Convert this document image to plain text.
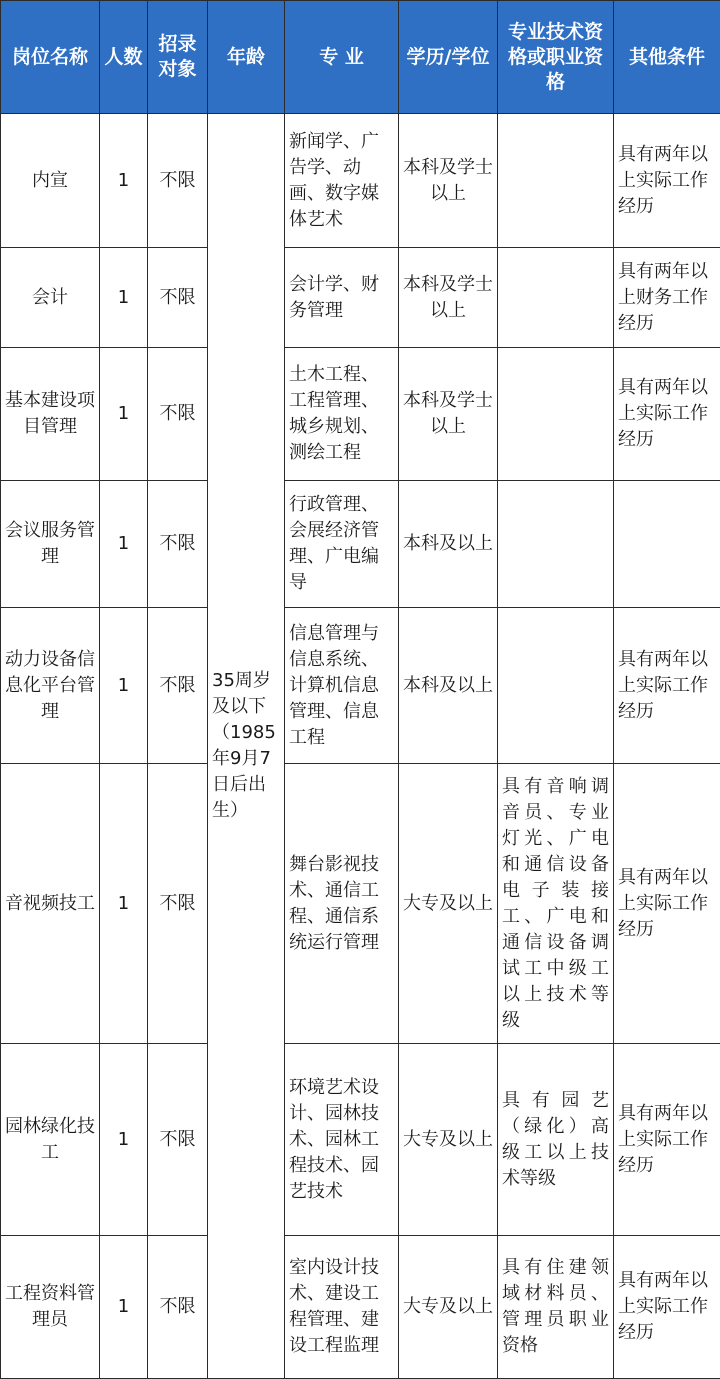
岗位名称	人数	招录对象	年龄	专 业	学历/学位	专业技术资格或职业资格	其他条件
内宣	1	不限	35周岁及以下（1985年9月7日后出生）	新闻学、广告学、动画、数字媒体艺术	本科及学士以上		具有两年以上实际工作经历
会计	1	不限		会计学、财务管理	本科及学士以上		具有两年以上财务工作经历
基本建设项目管理	1	不限		土木工程、工程管理、城乡规划、测绘工程	本科及学士以上		具有两年以上实际工作经历
会议服务管理	1	不限		行政管理、会展经济管理、广电编导	本科及以上		
动力设备信息化平台管理	1	不限		信息管理与信息系统、计算机信息管理、信息工程	本科及以上		具有两年以上实际工作经历
音视频技工	1	不限		舞台影视技术、通信工程、通信系统运行管理	大专及以上	具有音响调音员、专业灯光、广电和通信设备电子装接工、广电和通信设备调试工中级工以上技术等级	具有两年以上实际工作经历
园林绿化技工	1	不限		环境艺术设计、园林技术、园林工程技术、园艺技术	大专及以上	具有园艺（绿化）高级工以上技术等级	具有两年以上实际工作经历
工程资料管理员	1	不限		室内设计技术、建设工程管理、建设工程监理	大专及以上	具有住建领域材料员、管理员职业资格	具有两年以上实际工作经历
